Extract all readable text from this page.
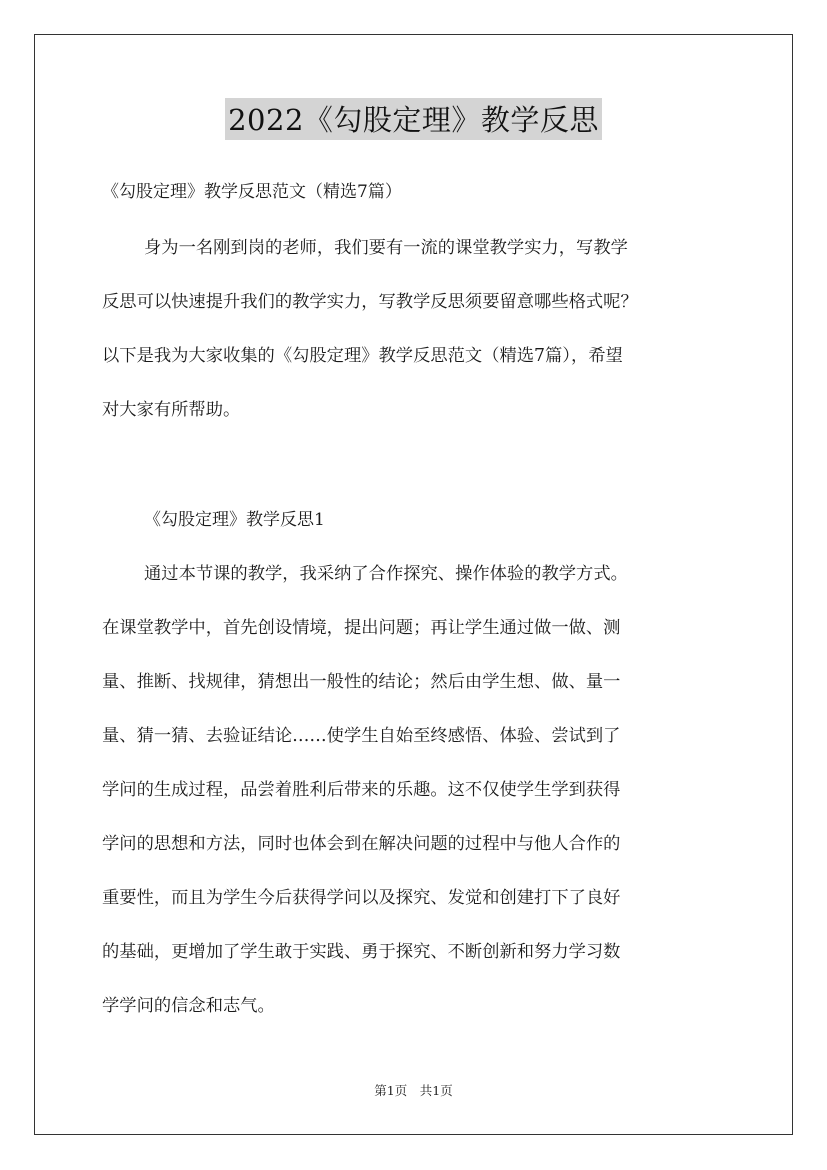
2022《勾股定理》教学反思
《勾股定理》教学反思范文（精选7篇）
身为一名刚到岗的老师，我们要有一流的课堂教学实力，写教学
反思可以快速提升我们的教学实力，写教学反思须要留意哪些格式呢？
以下是我为大家收集的《勾股定理》教学反思范文（精选7篇），希望
对大家有所帮助。
《勾股定理》教学反思1
通过本节课的教学，我采纳了合作探究、操作体验的教学方式。
在课堂教学中，首先创设情境，提出问题；再让学生通过做一做、测
量、推断、找规律，猜想出一般性的结论；然后由学生想、做、量一
量、猜一猜、去验证结论……使学生自始至终感悟、体验、尝试到了
学问的生成过程，品尝着胜利后带来的乐趣。这不仅使学生学到获得
学问的思想和方法，同时也体会到在解决问题的过程中与他人合作的
重要性，而且为学生今后获得学问以及探究、发觉和创建打下了良好
的基础，更增加了学生敢于实践、勇于探究、不断创新和努力学习数
学学问的信念和志气。
第1页　共1页
